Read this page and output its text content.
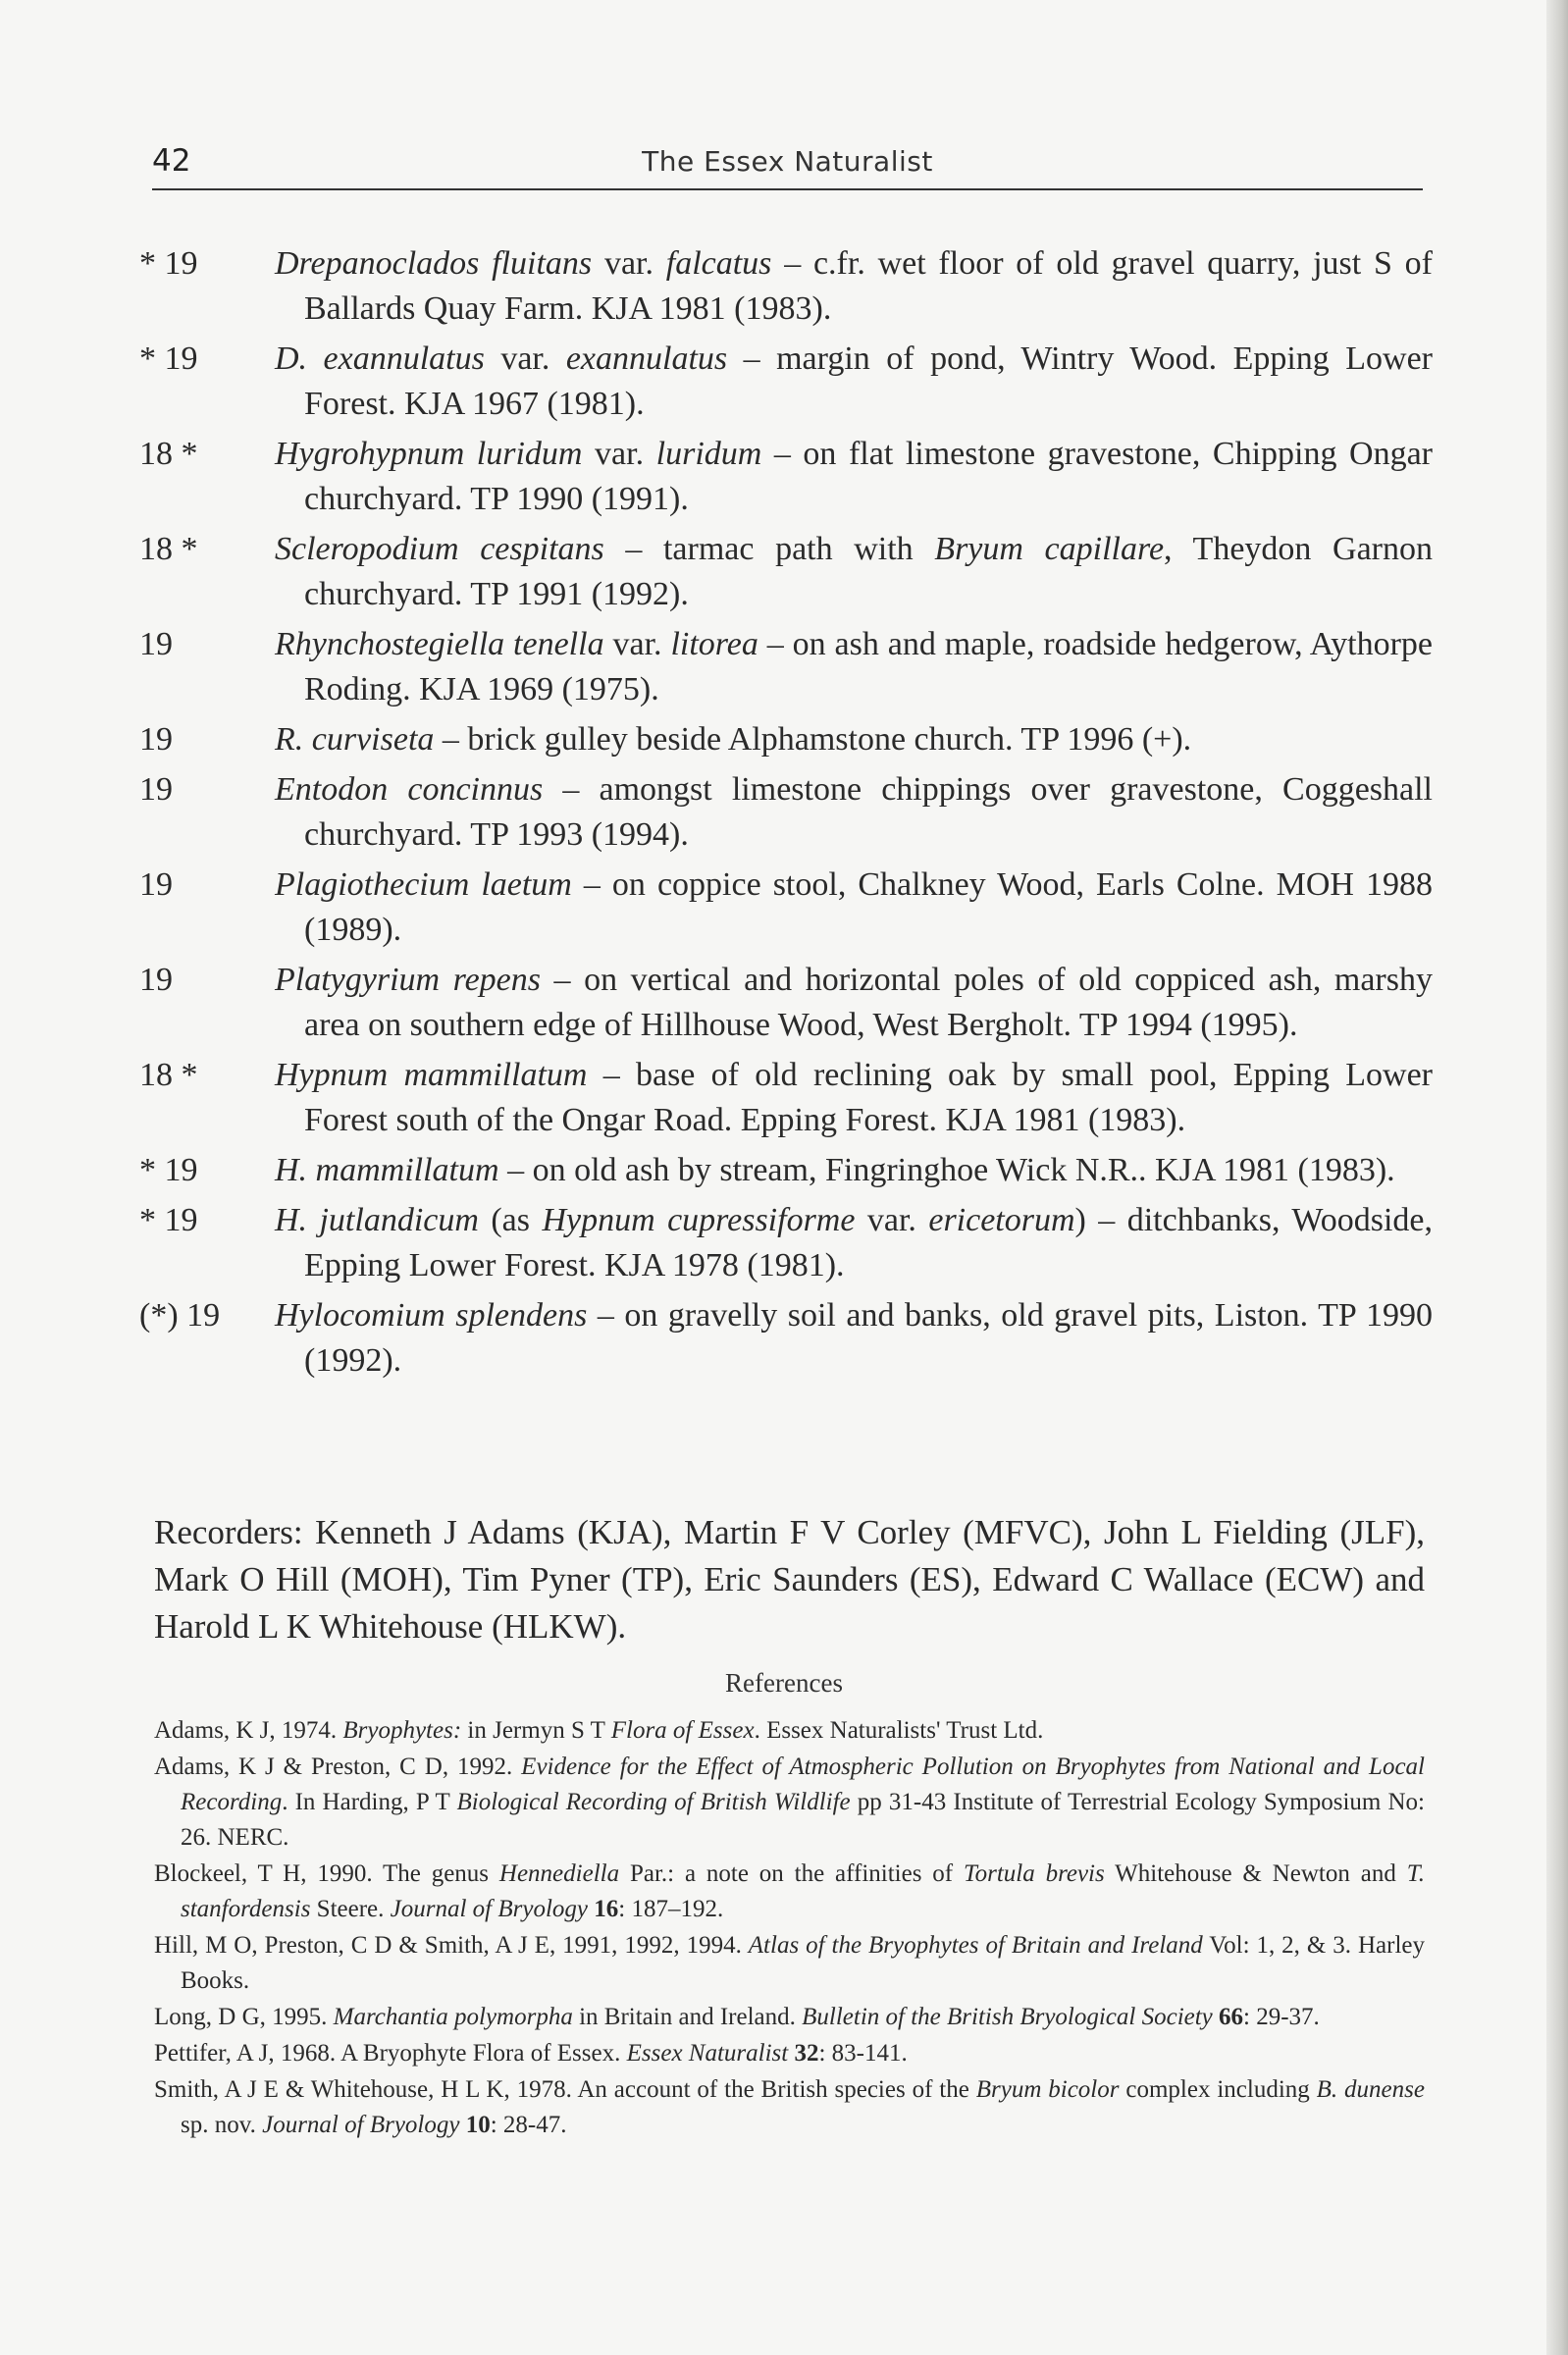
42	The Essex Naturalist
* 19	Drepanoclados fluitans var. falcatus – c.fr. wet floor of old gravel quarry, just S of Ballards Quay Farm. KJA 1981 (1983).
* 19	D. exannulatus var. exannulatus – margin of pond, Wintry Wood. Epping Lower Forest. KJA 1967 (1981).
18 *	Hygrohypnum luridum var. luridum – on flat limestone gravestone, Chipping Ongar churchyard. TP 1990 (1991).
18 *	Scleropodium cespitans – tarmac path with Bryum capillare, Theydon Garnon churchyard. TP 1991 (1992).
19	Rhynchostegiella tenella var. litorea – on ash and maple, roadside hedgerow, Aythorpe Roding. KJA 1969 (1975).
19	R. curviseta – brick gulley beside Alphamstone church. TP 1996 (+).
19	Entodon concinnus – amongst limestone chippings over gravestone, Coggeshall churchyard. TP 1993 (1994).
19	Plagiothecium laetum – on coppice stool, Chalkney Wood, Earls Colne. MOH 1988 (1989).
19	Platygyrium repens – on vertical and horizontal poles of old coppiced ash, marshy area on southern edge of Hillhouse Wood, West Bergholt. TP 1994 (1995).
18 *	Hypnum mammillatum – base of old reclining oak by small pool, Epping Lower Forest south of the Ongar Road. Epping Forest. KJA 1981 (1983).
* 19	H. mammillatum – on old ash by stream, Fingringhoe Wick N.R.. KJA 1981 (1983).
* 19	H. jutlandicum (as Hypnum cupressiforme var. ericetorum) – ditchbanks, Woodside, Epping Lower Forest. KJA 1978 (1981).
(*) 19	Hylocomium splendens – on gravelly soil and banks, old gravel pits, Liston. TP 1990 (1992).
Recorders: Kenneth J Adams (KJA), Martin F V Corley (MFVC), John L Fielding (JLF), Mark O Hill (MOH), Tim Pyner (TP), Eric Saunders (ES), Edward C Wallace (ECW) and Harold L K Whitehouse (HLKW).
References
Adams, K J, 1974. Bryophytes: in Jermyn S T Flora of Essex. Essex Naturalists' Trust Ltd.
Adams, K J & Preston, C D, 1992. Evidence for the Effect of Atmospheric Pollution on Bryophytes from National and Local Recording. In Harding, P T Biological Recording of British Wildlife pp 31-43 Institute of Terrestrial Ecology Symposium No: 26. NERC.
Blockeel, T H, 1990. The genus Hennediella Par.: a note on the affinities of Tortula brevis Whitehouse & Newton and T. stanfordensis Steere. Journal of Bryology 16: 187–192.
Hill, M O, Preston, C D & Smith, A J E, 1991, 1992, 1994. Atlas of the Bryophytes of Britain and Ireland Vol: 1, 2, & 3. Harley Books.
Long, D G, 1995. Marchantia polymorpha in Britain and Ireland. Bulletin of the British Bryological Society 66: 29-37.
Pettifer, A J, 1968. A Bryophyte Flora of Essex. Essex Naturalist 32: 83-141.
Smith, A J E & Whitehouse, H L K, 1978. An account of the British species of the Bryum bicolor complex including B. dunense sp. nov. Journal of Bryology 10: 28-47.
